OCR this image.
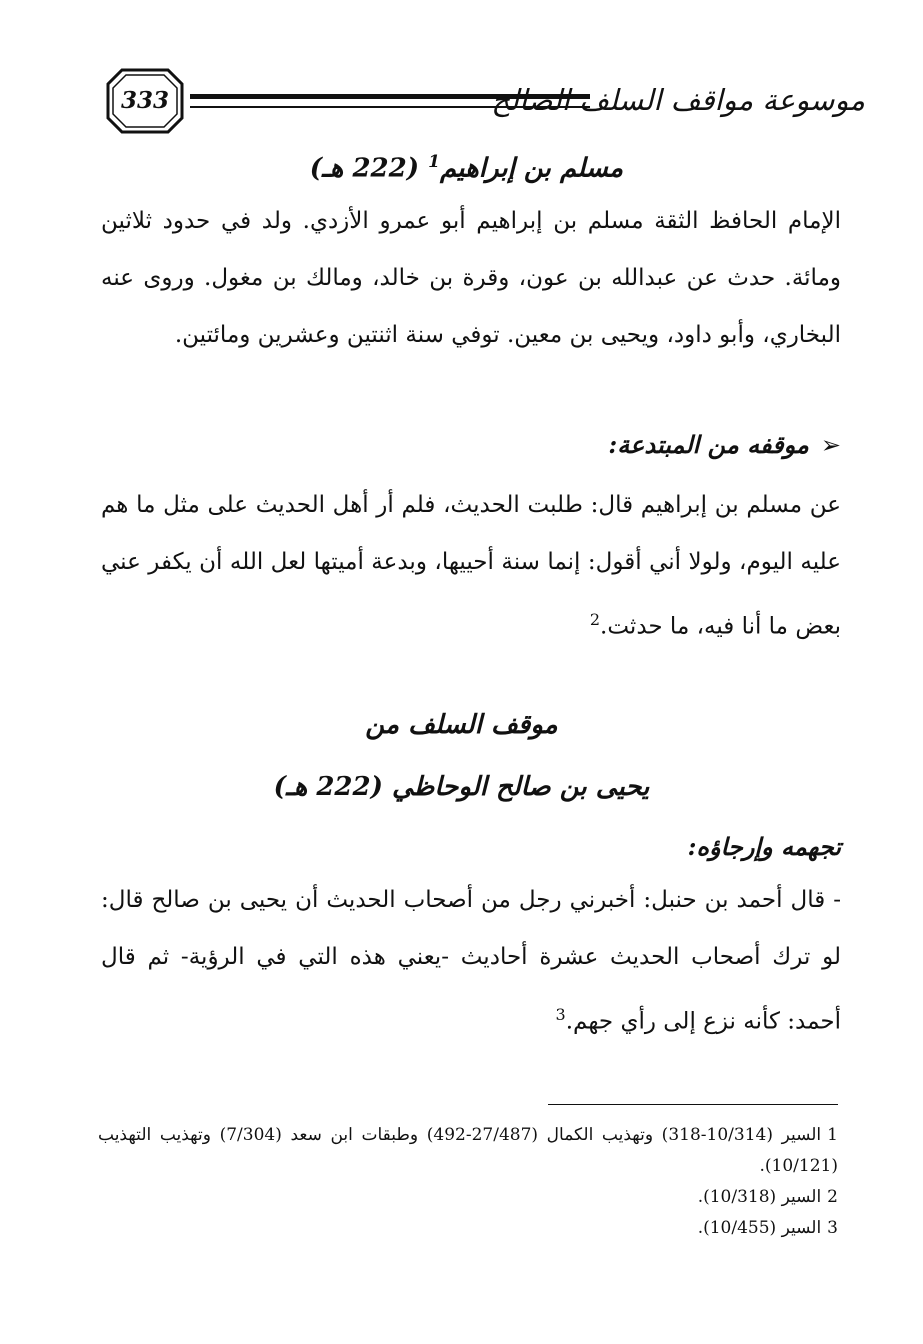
333	موسوعة مواقف السلف الصالح
مسلم بن إبراهيم$^1$ (222 هـ)
الإمام الحافظ الثقة مسلم بن إبراهيم أبو عمرو الأزدي. ولد في حدود ثلاثين ومائة. حدث عن عبدالله بن عون، وقرة بن خالد، ومالك بن مغول. وروى عنه البخاري، وأبو داود، ويحيى بن معين. توفي سنة اثنتين وعشرين ومائتين.
➢موقفه من المبتدعة:
عن مسلم بن إبراهيم قال: طلبت الحديث، فلم أر أهل الحديث على مثل ما هم عليه اليوم، ولولا أني أقول: إنما سنة أحييها، وبدعة أميتها لعل الله أن يكفر عني بعض ما أنا فيه، ما حدثت.$^2$
موقف السلف من
يحيى بن صالح الوحاظي (222 هـ)
تجهمه وإرجاؤه:
- قال أحمد بن حنبل: أخبرني رجل من أصحاب الحديث أن يحيى بن صالح قال: لو ترك أصحاب الحديث عشرة أحاديث -يعني هذه التي في الرؤية- ثم قال أحمد: كأنه نزع إلى رأي جهم.$^3$
1السير (10/314-318) وتهذيب الكمال (27/487-492) وطبقات ابن سعد (7/304) وتهذيب التهذيب (10/121).
2السير (10/318).
3السير (10/455).
